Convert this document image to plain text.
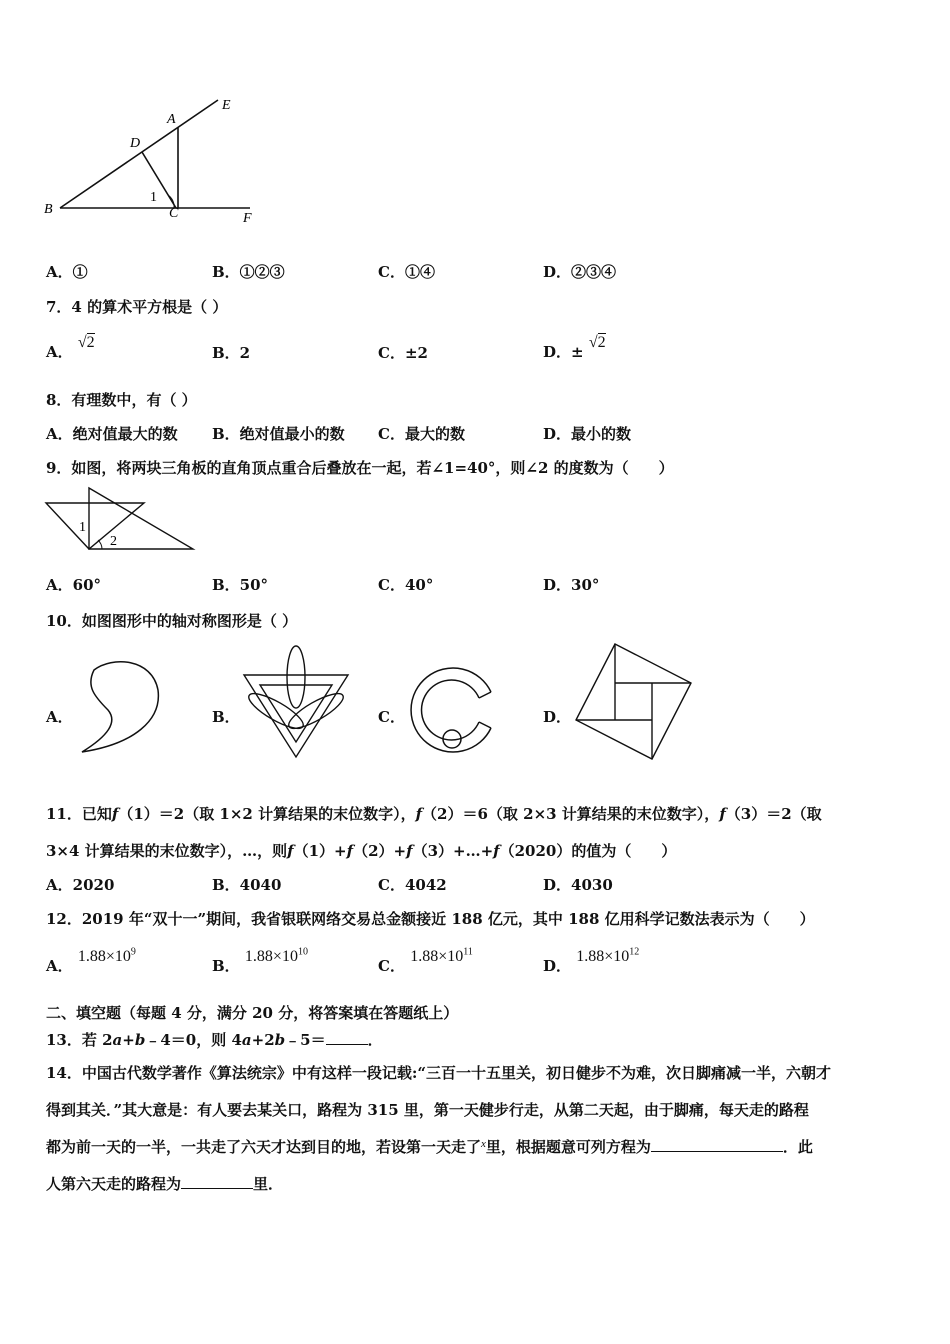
A
E
D
1
B	C	F
A．①	B．①②③	C．①④	D．②③④
7．4 的算术平方根是（ ）
A． √2
B．2	C．±2	D．± √2
8．有理数中，有（ ）
A．绝对值最大的数 B．绝对值最小的数 C．最大的数	D．最小的数
9．如图，将两块三角板的直角顶点重合后叠放在一起，若∠1=40°，则∠2 的度数为（　　）
1
2
A．60°	B．50°	C．40°	D．30°
10．如图图形中的轴对称图形是（ ）
A．	B．	C．	D．
11．已知f（1）＝2（取 1×2 计算结果的末位数字），f（2）＝6（取 2×3 计算结果的末位数字），f（3）＝2（取
3×4 计算结果的末位数字），…，则f（1）+f（2）+f（3）+…+f（2020）的值为（　　）
A．2020	B．4040	C．4042	D．4030
12．2019 年“双十一”期间，我省银联网络交易总金额接近 188 亿元，其中 188 亿用科学记数法表示为（　　）
A． $1.88\times 10^9$
B． $1.88\times 10^{10}$
C． $1.88\times 10^{11}$
D． $1.88\times 10^{12}$
二、填空题（每题 4 分，满分 20 分，将答案填在答题纸上）
13．若 2a+b﹣4＝0，则 4a+2b﹣5＝	．
14．中国古代数学著作《算法统宗》中有这样一段记载:“三百一十五里关，初日健步不为难，次日脚痛减一半，六朝才
得到其关．”其大意是：有人要去某关口，路程为 315 里，第一天健步行走，从第二天起，由于脚痛，每天走的路程
都为前一天的一半，一共走了六天才达到目的地，若设第一天走了$^x$里，根据题意可列方程为	．此
人第六天走的路程为	里．
